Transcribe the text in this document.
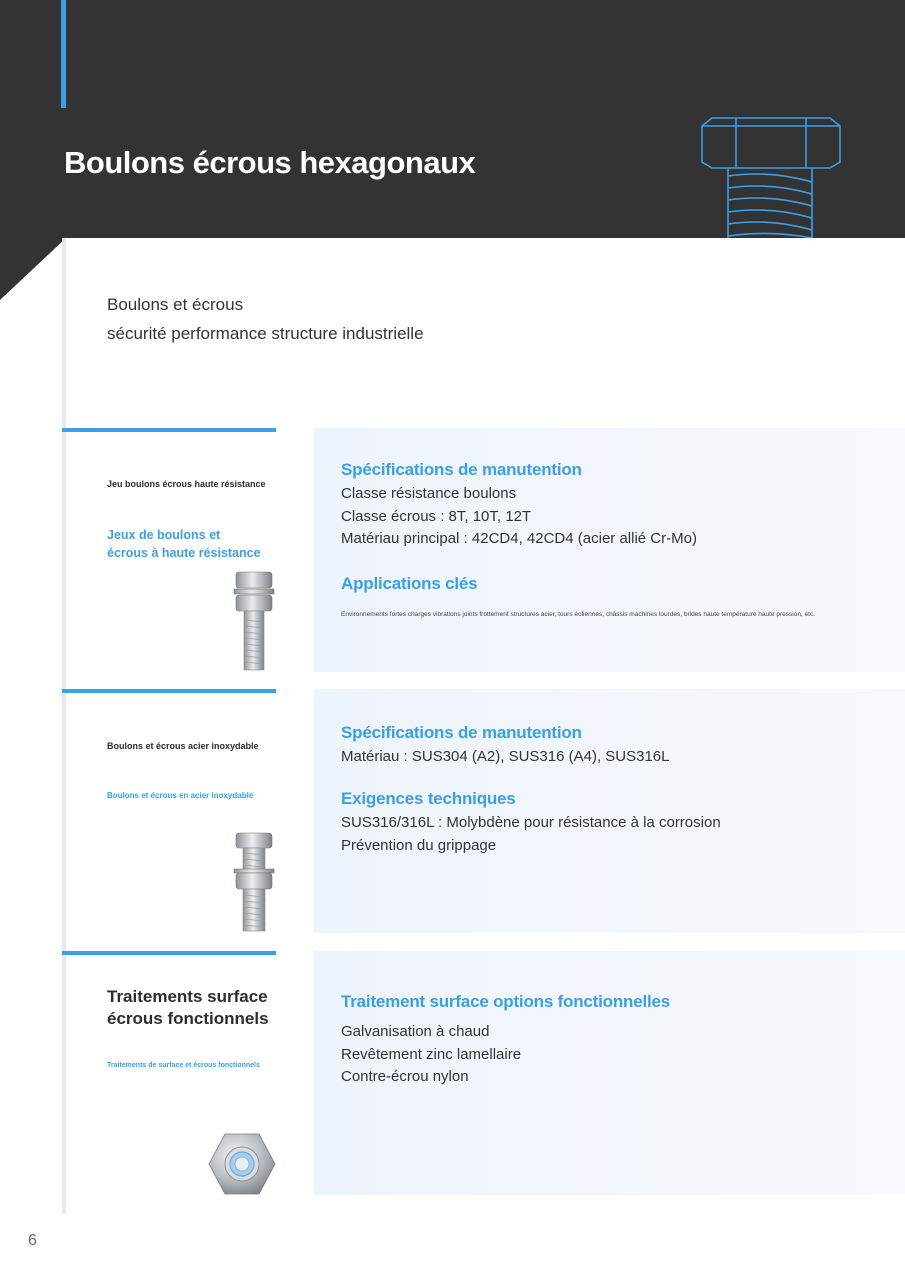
Boulons écrous hexagonaux
Boulons et écrous
sécurité performance structure industrielle
Jeu boulons écrous haute résistance
Jeux de boulons et
écrous à haute résistance
Spécifications de manutention
Classe résistance boulons
Classe écrous : 8T, 10T, 12T
Matériau principal : 42CD4, 42CD4 (acier allié Cr-Mo)
Applications clés
Environnements fortes charges vibrations joints frottement structures acier, tours éoliennes, châssis machines lourdes, brides haute température haute pression, etc.
Boulons et écrous acier inoxydable
Boulons et écrous en acier inoxydable
Spécifications de manutention
Matériau : SUS304 (A2), SUS316 (A4), SUS316L
Exigences techniques
SUS316/316L : Molybdène pour résistance à la corrosion
Prévention du grippage
Traitements surface
écrous fonctionnels
Traitements de surface et écrous fonctionnels
Traitement surface options fonctionnelles
Galvanisation à chaud
Revêtement zinc lamellaire
Contre-écrou nylon
6
